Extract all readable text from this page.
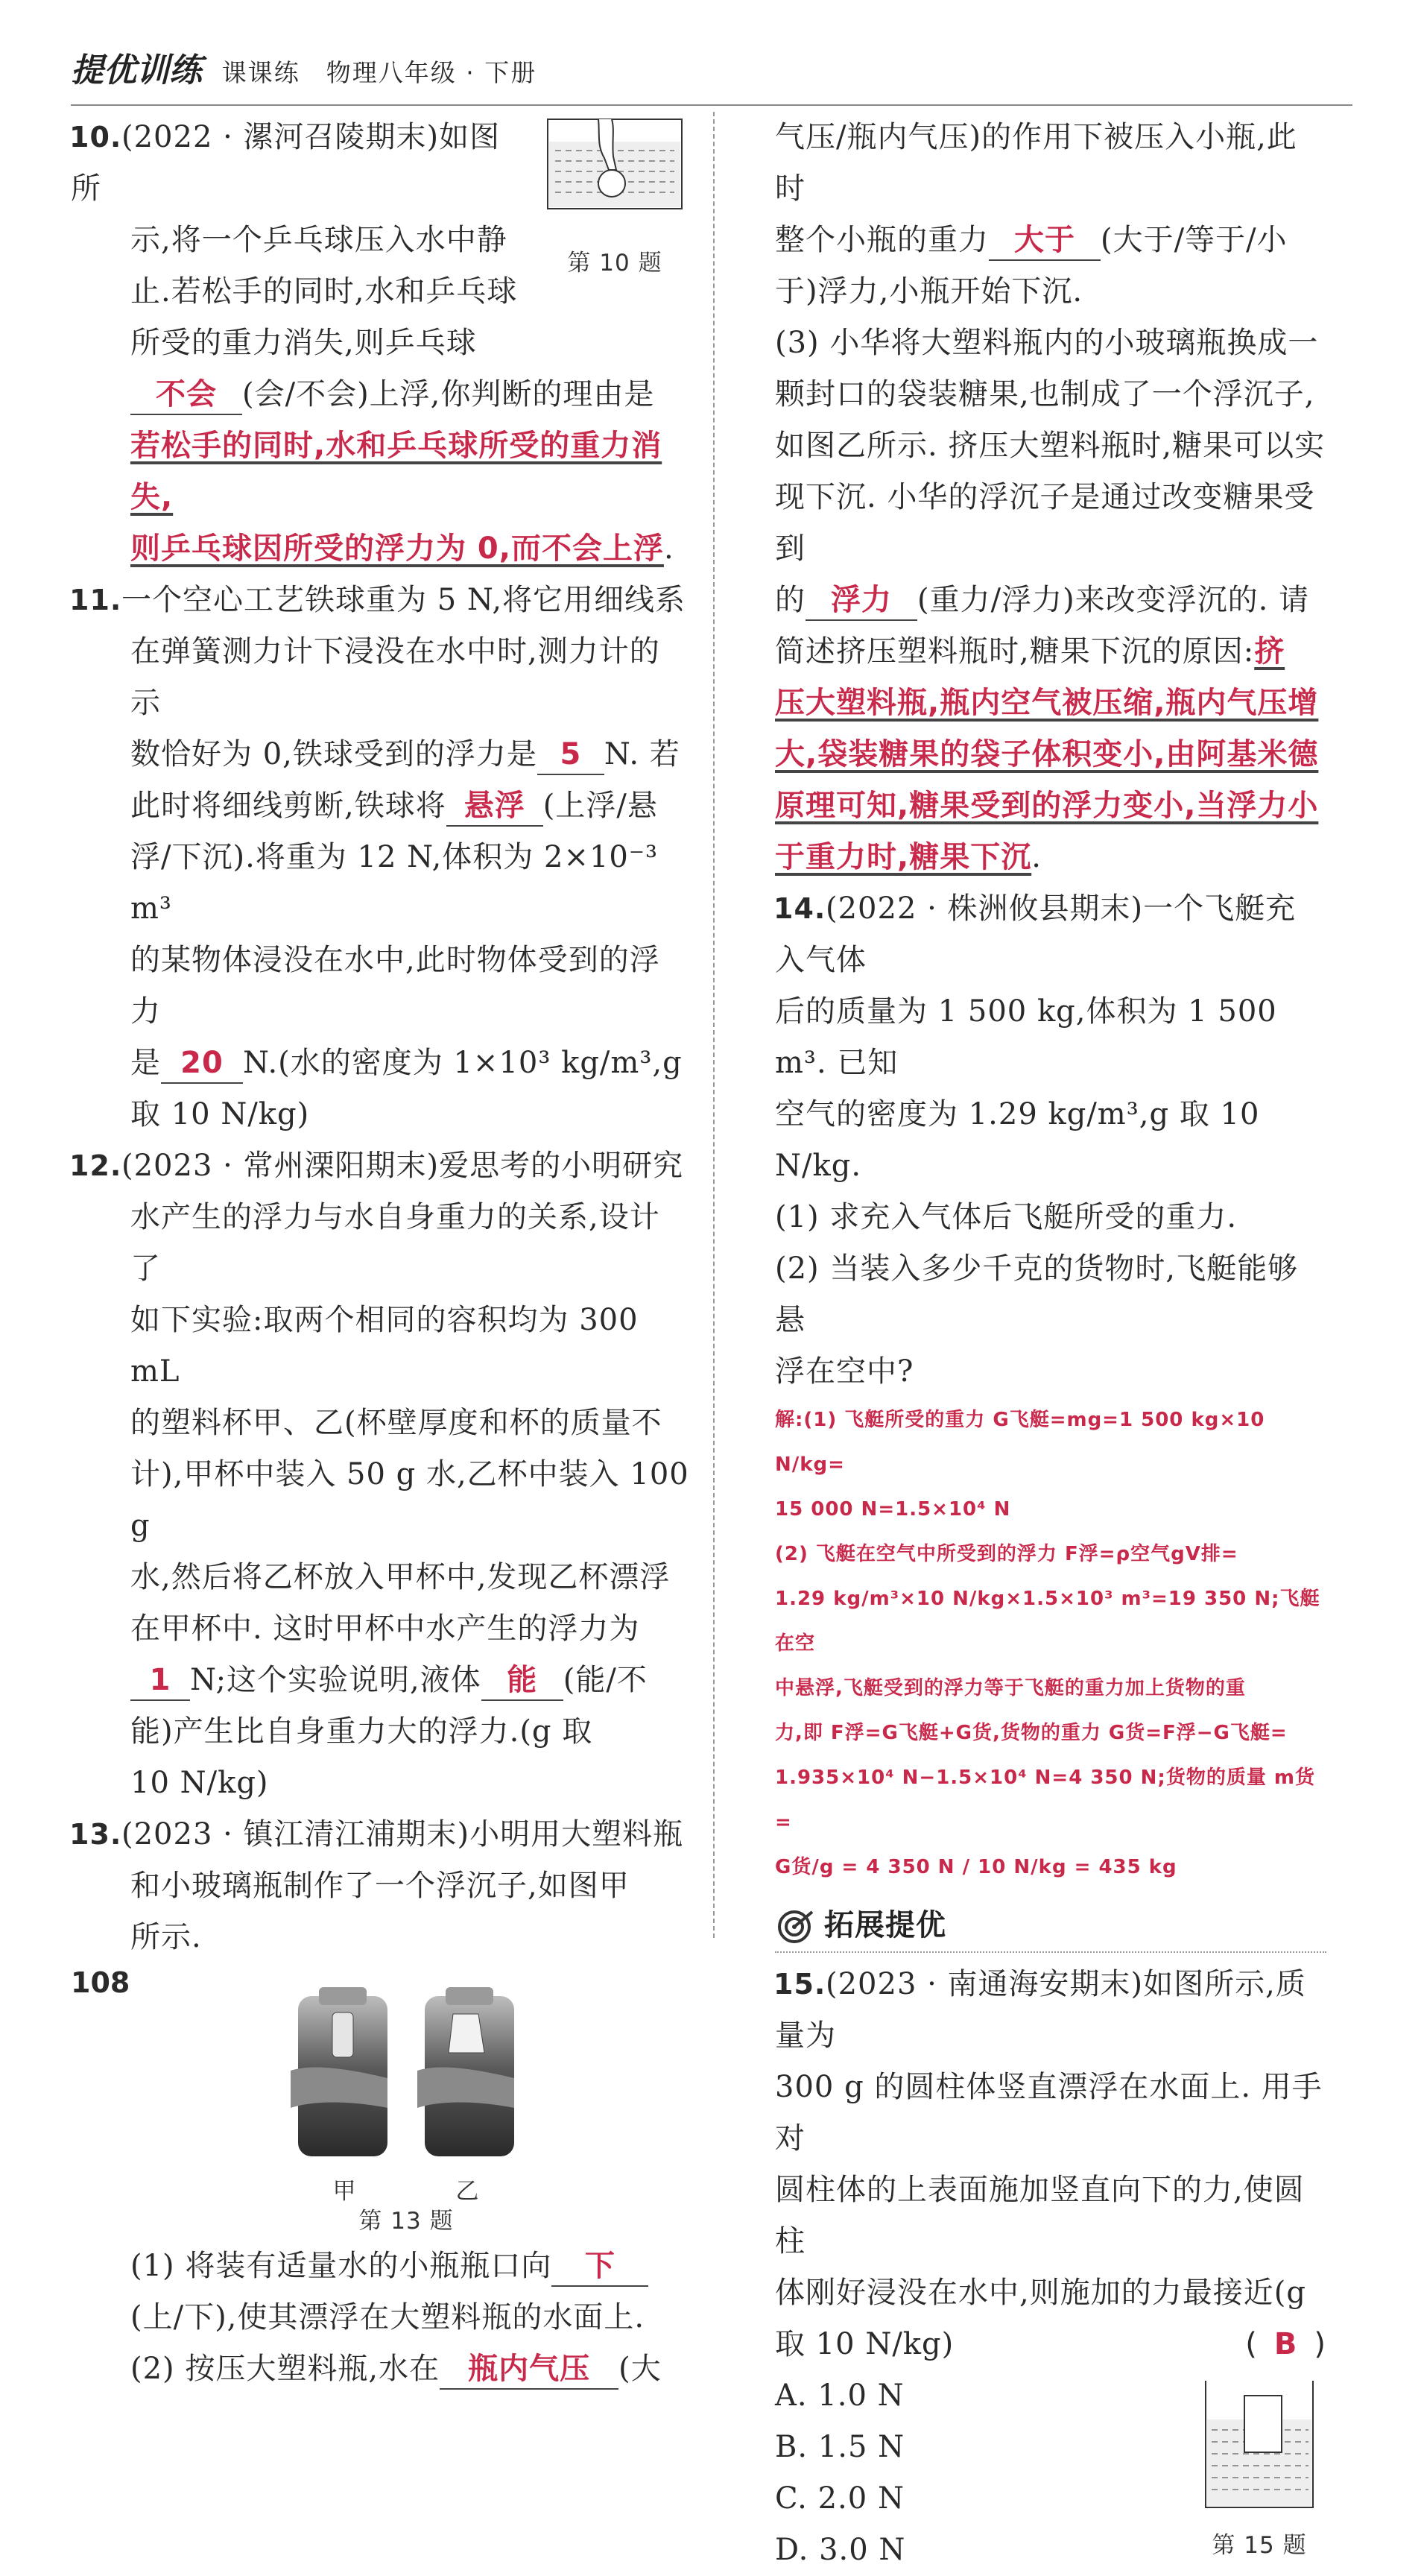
提优训练 课课练　物理八年级 · 下册
第 10 题

10.(2022 · 漯河召陵期末)如图所

示,将一个乒乓球压入水中静

止.若松手的同时,水和乒乓球

所受的重力消失,则乒乓球

不会 (会/不会)上浮,你判断的理由是

若松手的同时,水和乒乓球所受的重力消失,

则乒乓球因所受的浮力为 0,而不会上浮.

11.一个空心工艺铁球重为 5 N,将它用细线系

在弹簧测力计下浸没在水中时,测力计的示

数恰好为 0,铁球受到的浮力是 5 N. 若

此时将细线剪断,铁球将 悬浮 (上浮/悬

浮/下沉).将重为 12 N,体积为 2×10⁻³ m³

的某物体浸没在水中,此时物体受到的浮力

是 20 N.(水的密度为 1×10³ kg/m³,g

取 10 N/kg)

12.(2023 · 常州溧阳期末)爱思考的小明研究

水产生的浮力与水自身重力的关系,设计了

如下实验:取两个相同的容积均为 300 mL

的塑料杯甲、乙(杯壁厚度和杯的质量不

计),甲杯中装入 50 g 水,乙杯中装入 100 g

水,然后将乙杯放入甲杯中,发现乙杯漂浮

在甲杯中. 这时甲杯中水产生的浮力为

1 N;这个实验说明,液体 能 (能/不

能)产生比自身重力大的浮力.(g 取

10 N/kg)

13.(2023 · 镇江清江浦期末)小明用大塑料瓶

和小玻璃瓶制作了一个浮沉子,如图甲

所示.

甲	乙
第 13 题

(1) 将装有适量水的小瓶瓶口向 下

(上/下),使其漂浮在大塑料瓶的水面上.

(2) 按压大塑料瓶,水在 瓶内气压 (大

气压/瓶内气压)的作用下被压入小瓶,此时

整个小瓶的重力 大于 (大于/等于/小

于)浮力,小瓶开始下沉.

(3) 小华将大塑料瓶内的小玻璃瓶换成一

颗封口的袋装糖果,也制成了一个浮沉子,

如图乙所示. 挤压大塑料瓶时,糖果可以实

现下沉. 小华的浮沉子是通过改变糖果受到

的 浮力 (重力/浮力)来改变浮沉的. 请

简述挤压塑料瓶时,糖果下沉的原因:挤

压大塑料瓶,瓶内空气被压缩,瓶内气压增

大,袋装糖果的袋子体积变小,由阿基米德

原理可知,糖果受到的浮力变小,当浮力小

于重力时,糖果下沉.

14.(2022 · 株洲攸县期末)一个飞艇充入气体

后的质量为 1 500 kg,体积为 1 500 m³. 已知

空气的密度为 1.29 kg/m³,g 取 10 N/kg.

(1) 求充入气体后飞艇所受的重力.

(2) 当装入多少千克的货物时,飞艇能够悬

浮在空中?

解:(1) 飞艇所受的重力 G飞艇=mg=1 500 kg×10 N/kg=
15 000 N=1.5×10⁴ N
(2) 飞艇在空气中所受到的浮力 F浮=ρ空气gV排=
1.29 kg/m³×10 N/kg×1.5×10³ m³=19 350 N;飞艇在空
中悬浮,飞艇受到的浮力等于飞艇的重力加上货物的重
力,即 F浮=G飞艇+G货,货物的重力 G货=F浮−G飞艇=
1.935×10⁴ N−1.5×10⁴ N=4 350 N;货物的质量 m货=
G货/g = 4 350 N / 10 N/kg = 435 kg
拓展提优

15.(2023 · 南通海安期末)如图所示,质量为

300 g 的圆柱体竖直漂浮在水面上. 用手对

圆柱体的上表面施加竖直向下的力,使圆柱

体刚好浸没在水中,则施加的力最接近(g

取 10 N/kg)	( B )

A. 1.0 N

B. 1.5 N

C. 2.0 N

D. 3.0 N	第 15 题
108
